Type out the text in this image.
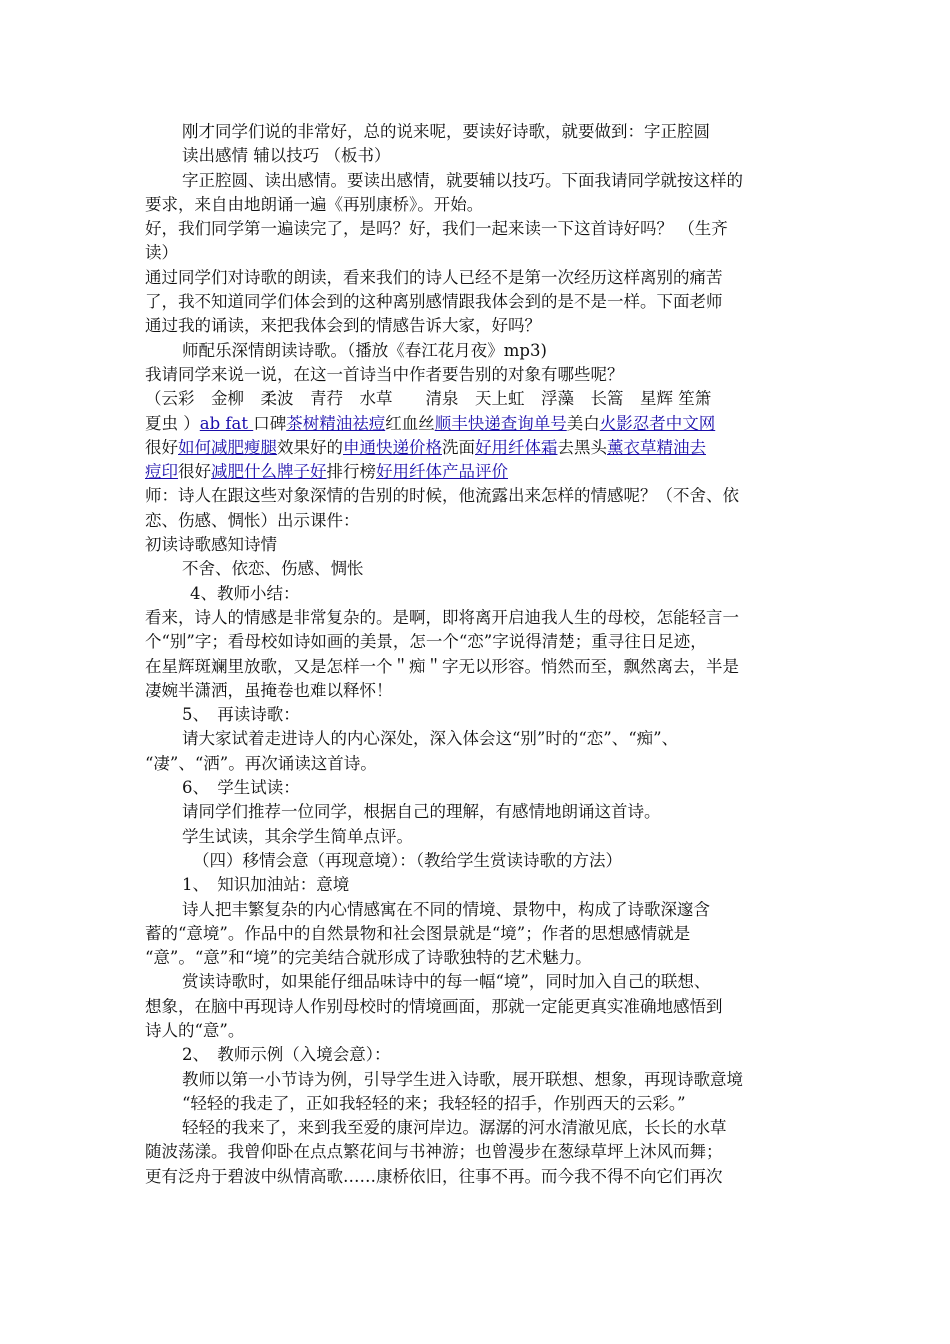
刚才同学们说的非常好，总的说来呢，要读好诗歌，就要做到：字正腔圆
读出感情 辅以技巧 （板书）
字正腔圆、读出感情。要读出感情，就要辅以技巧。下面我请同学就按这样的
要求，来自由地朗诵一遍《再别康桥》。开始。
好，我们同学第一遍读完了，是吗？好，我们一起来读一下这首诗好吗？ （生齐
读）
通过同学们对诗歌的朗读，看来我们的诗人已经不是第一次经历这样离别的痛苦
了，我不知道同学们体会到的这种离别感情跟我体会到的是不是一样。下面老师
通过我的诵读，来把我体会到的情感告诉大家，好吗？
师配乐深情朗读诗歌。（播放《春江花月夜》mp3)
我请同学来说一说，在这一首诗当中作者要告别的对象有哪些呢？
（云彩　金柳　柔波　青荇　水草　　清泉　天上虹　浮藻　长篙　星辉 笙箫
夏虫 ）ab fat 口碑茶树精油祛痘红血丝顺丰快递查询单号美白火影忍者中文网
很好如何减肥瘦腿效果好的申通快递价格洗面好用纤体霜去黑头薰衣草精油去
痘印很好减肥什么牌子好排行榜好用纤体产品评价
师：诗人在跟这些对象深情的告别的时候，他流露出来怎样的情感呢？（不舍、依
恋、伤感、惆怅）出示课件：
初读诗歌感知诗情
不舍、依恋、伤感、惆怅
4、教师小结：
看来，诗人的情感是非常复杂的。是啊，即将离开启迪我人生的母校，怎能轻言一
个“别”字；看母校如诗如画的美景，怎一个“恋”字说得清楚；重寻往日足迹，
在星辉斑斓里放歌，又是怎样一个＂痴＂字无以形容。悄然而至，飘然离去，半是
凄婉半潇洒，虽掩卷也难以释怀！
5、　再读诗歌：
请大家试着走进诗人的内心深处，深入体会这“别”时的“恋”、“痴”、
“凄”、“洒”。再次诵读这首诗。
6、　学生试读：
请同学们推荐一位同学，根据自己的理解，有感情地朗诵这首诗。
学生试读，其余学生简单点评。
（四）移情会意（再现意境）：（教给学生赏读诗歌的方法）
1、　知识加油站：意境
诗人把丰繁复杂的内心情感寓在不同的情境、景物中，构成了诗歌深邃含
蓄的“意境”。作品中的自然景物和社会图景就是“境”；作者的思想感情就是
“意”。“意”和“境”的完美结合就形成了诗歌独特的艺术魅力。
赏读诗歌时，如果能仔细品味诗中的每一幅“境”，同时加入自己的联想、
想象，在脑中再现诗人作别母校时的情境画面，那就一定能更真实准确地感悟到
诗人的“意”。
2、　教师示例（入境会意）：
教师以第一小节诗为例，引导学生进入诗歌，展开联想、想象，再现诗歌意境
“轻轻的我走了，正如我轻轻的来；我轻轻的招手，作别西天的云彩。”
轻轻的我来了，来到我至爱的康河岸边。潺潺的河水清澈见底，长长的水草
随波荡漾。我曾仰卧在点点繁花间与书神游；也曾漫步在葱绿草坪上沐风而舞；
更有泛舟于碧波中纵情高歌……康桥依旧，往事不再。而今我不得不向它们再次
